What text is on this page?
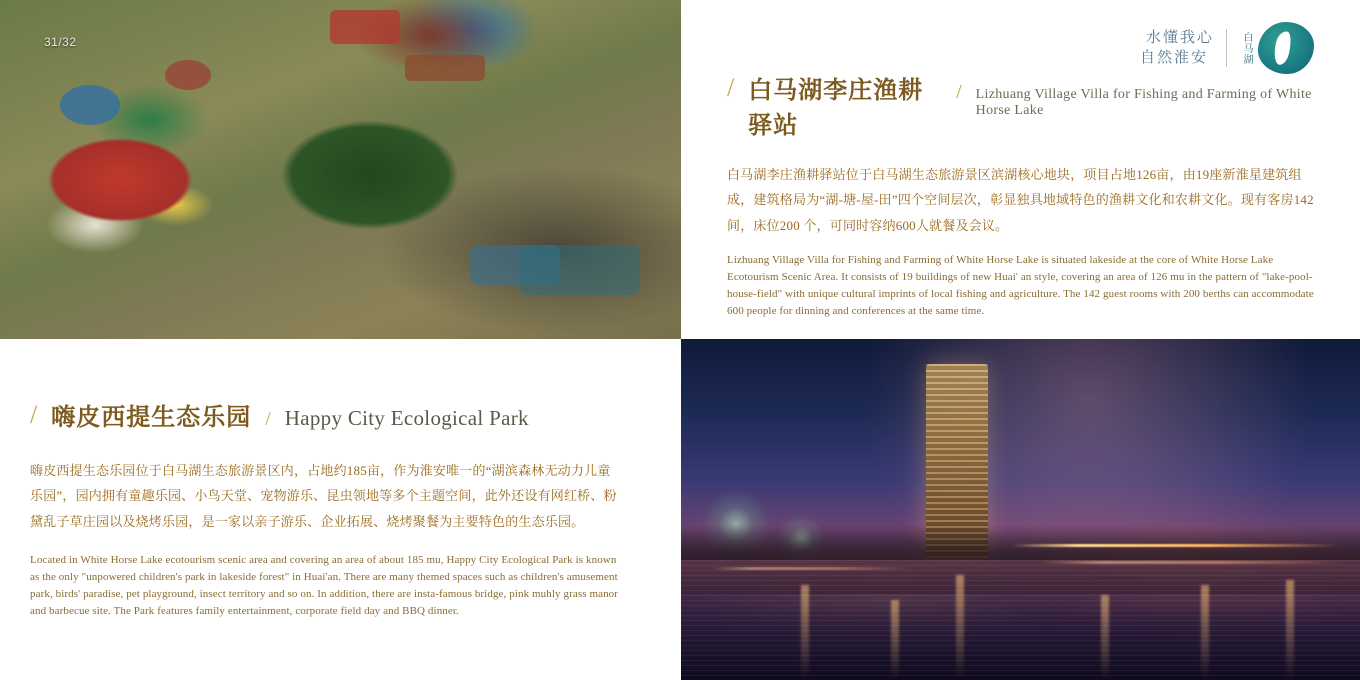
31/32	水懂我心
自然淮安	白马湖
/ 白马湖李庄渔耕驿站
/ Lizhuang Village Villa for Fishing and Farming of White Horse Lake
白马湖李庄渔耕驿站位于白马湖生态旅游景区滨湖核心地块，项目占地126亩，由19座新淮星建筑组成，建筑格局为“湖-塘-屋-田”四个空间层次，彰显独具地域特色的渔耕文化和农耕文化。现有客房142间，床位200 个，可同时容纳600人就餐及会议。
Lizhuang Village Villa for Fishing and Farming of White Horse Lake is situated lakeside at the core of White Horse Lake Ecotourism Scenic Area. It consists of 19 buildings of new Huai' an style, covering an area of 126 mu in the pattern of "lake-pool-house-field" with unique cultural imprints of local fishing and agriculture. The 142 guest rooms with 200 berths can accommodate 600 people for dinning and conferences at the same time.
/ 嗨皮西提生态乐园 / Happy City Ecological Park
嗨皮西提生态乐园位于白马湖生态旅游景区内，占地约185亩，作为淮安唯一的“湖滨森林无动力儿童乐园”，园内拥有童趣乐园、小鸟天堂、宠物游乐、昆虫领地等多个主题空间，此外还设有网红桥、粉黛乱子草庄园以及烧烤乐园，是一家以亲子游乐、企业拓展、烧烤聚餐为主要特色的生态乐园。
Located in White Horse Lake ecotourism scenic area and covering an area of about 185 mu, Happy City Ecological Park is known as the only "unpowered children's park in lakeside forest" in Huai'an. There are many themed spaces such as children's amusement park, birds' paradise, pet playground, insect territory and so on. In addition, there are insta-famous bridge, pink muhly grass manor and barbecue site. The Park features family entertainment, corporate field day and BBQ dinner.
